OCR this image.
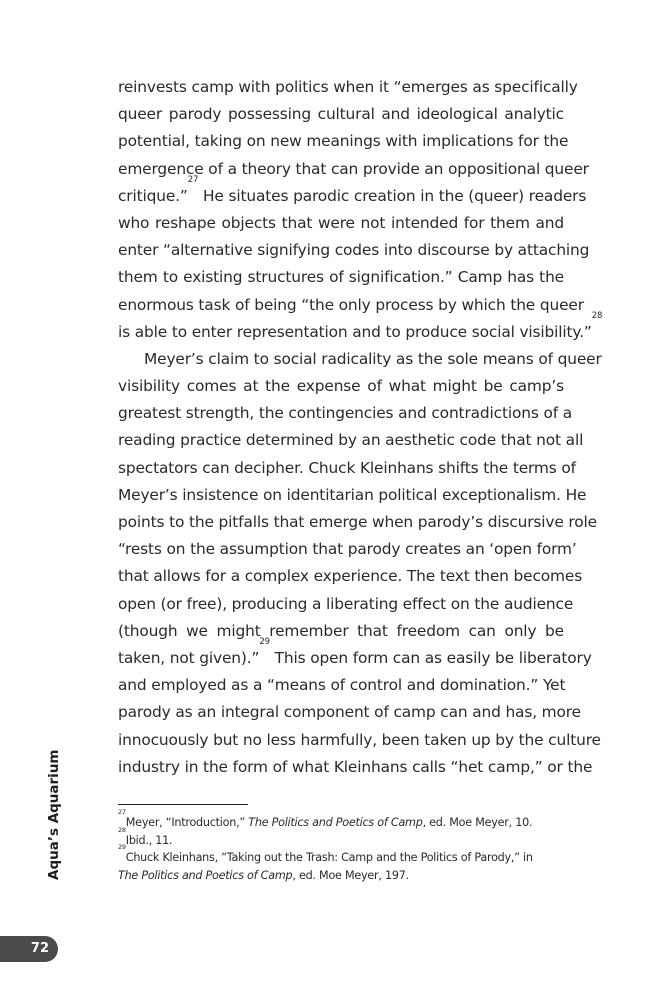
reinvests camp with politics when it “emerges as specifically
queer parody possessing cultural and ideological analytic
potential, taking on new meanings with implications for the
emergence of a theory that can provide an oppositional queer
critique.”$^{27}$ He situates parodic creation in the (queer) readers
who reshape objects that were not intended for them and
enter “alternative signifying codes into discourse by attaching
them to existing structures of signification.” Camp has the
enormous task of being “the only process by which the queer
is able to enter representation and to produce social visibility.”$^{28}$
Meyer’s claim to social radicality as the sole means of queer
visibility comes at the expense of what might be camp’s
greatest strength, the contingencies and contradictions of a
reading practice determined by an aesthetic code that not all
spectators can decipher. Chuck Kleinhans shifts the terms of
Meyer’s insistence on identitarian political exceptionalism. He
points to the pitfalls that emerge when parody’s discursive role
“rests on the assumption that parody creates an ‘open form’
that allows for a complex experience. The text then becomes
open (or free), producing a liberating effect on the audience
(though we might remember that freedom can only be
taken, not given).”$^{29}$ This open form can as easily be liberatory
and employed as a “means of control and domination.” Yet
parody as an integral component of camp can and has, more
innocuously but no less harmfully, been taken up by the culture
industry in the form of what Kleinhans calls “het camp,” or the
$^{27}$Meyer, “Introduction,” The Politics and Poetics of Camp, ed. Moe Meyer, 10.
$^{28}$Ibid., 11.
$^{29}$Chuck Kleinhans, “Taking out the Trash: Camp and the Politics of Parody,” in
The Politics and Poetics of Camp, ed. Moe Meyer, 197.
Aqua’s Aquarium
72
